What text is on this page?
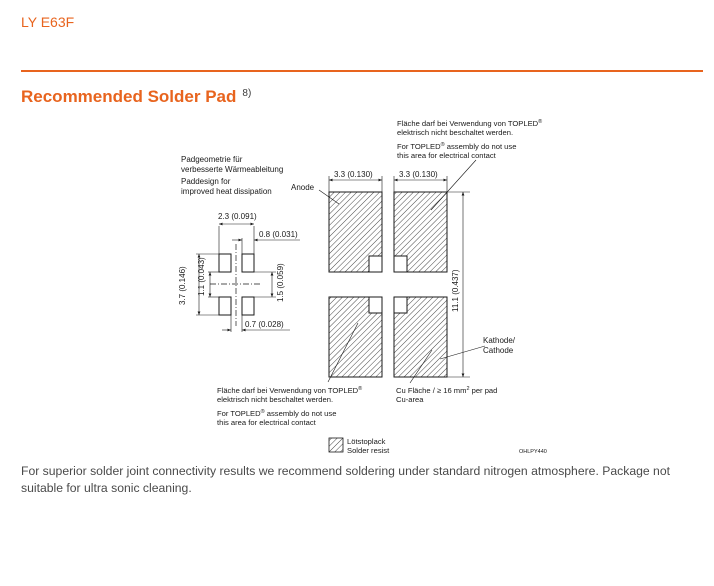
LY E63F
Recommended Solder Pad $^{8)}$
Padgeometrie für
verbesserte Wärmeableitung
Paddesign for
improved heat dissipation
2.3 (0.091)
0.8 (0.031)
3.7 (0.146) 1.1 (0.043)	1.5 (0.059)
0.7 (0.028)
3.3 (0.130)	3.3 (0.130)
11.1 (0.437)
Anode
Fläche darf bei Verwendung von TOPLED®
elektrisch nicht beschaltet werden.
For TOPLED® assembly do not use
this area for electrical contact
Kathode/
Cathode
Fläche darf bei Verwendung von TOPLED®
elektrisch nicht beschaltet werden.
For TOPLED® assembly do not use
this area for electrical contact
Cu Fläche / ≥ 16 $mm^2$ per pad
Cu-area
Lötstoplack
Solder resist	OHLPY440
For superior solder joint connectivity results we recommend soldering under standard nitrogen atmosphere. Package not suitable for ultra sonic cleaning.
